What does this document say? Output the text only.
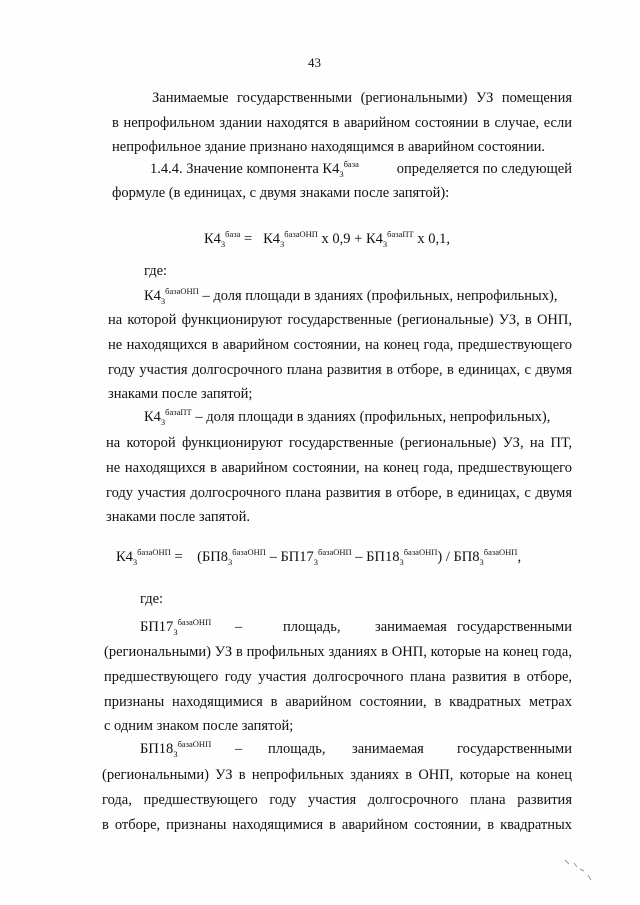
43
Занимаемые государственными (региональными) УЗ помещения
в непрофильном здании находятся в аварийном состоянии в случае, если
непрофильное здание признано находящимся в аварийном состоянии.
1.4.4. Значение компонента $К4_3^{база}$	определяется по следующей
формуле (в единицах, с двумя знаками после запятой):
$К4_3^{база} = К4_3^{базаОНП}$ х $0,9 + К4_3^{базаПТ}$ х 0,1,
где:
$К4_3^{базаОНП}$ – доля площади в зданиях (профильных, непрофильных),
на которой функционируют государственные (региональные) УЗ, в ОНП,
не находящихся в аварийном состоянии, на конец года, предшествующего
году участия долгосрочного плана развития в отборе, в единицах, с двумя
знаками после запятой;
$К4_3^{базаПТ}$ – доля площади в зданиях (профильных, непрофильных),
на которой функционируют государственные (региональные) УЗ, на ПТ,
не находящихся в аварийном состоянии, на конец года, предшествующего
году участия долгосрочного плана развития в отборе, в единицах, с двумя
знаками после запятой.
$К4_3^{базаОНП} = (БП8_3^{базаОНП} - БП17_3^{базаОНП} - БП18_3^{базаОНП}) / БП8_3^{базаОНП}$,
где:
$БП17_3^{базаОНП}$ –	площадь, занимаемая государственными
(региональными) УЗ в профильных зданиях в ОНП, которые на конец года,
предшествующего году участия долгосрочного плана развития в отборе,
признаны находящимися в аварийном состоянии, в квадратных метрах
с одним знаком после запятой;
$БП18_3^{базаОНП}$ – площадь, занимаемая государственными
(региональными) УЗ в непрофильных зданиях в ОНП, которые на конец
года, предшествующего году участия долгосрочного плана развития
в отборе, признаны находящимися в аварийном состоянии, в квадратных
